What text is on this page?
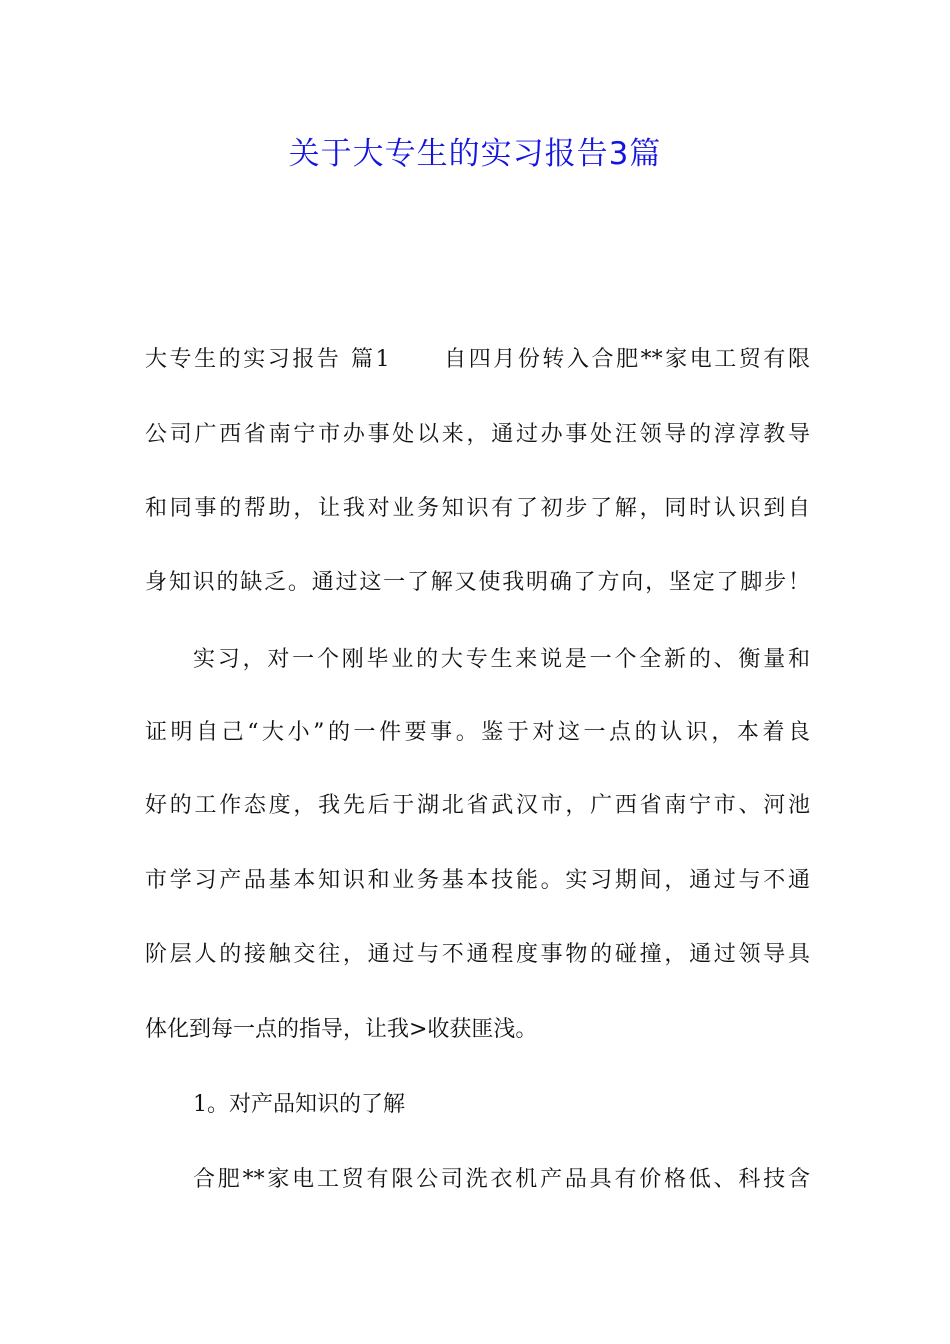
关于大专生的实习报告3篇
大专生的实习报告 篇1 自四月份转入合肥**家电工贸有限
公司广西省南宁市办事处以来，通过办事处汪领导的淳淳教导
和同事的帮助，让我对业务知识有了初步了解，同时认识到自
身知识的缺乏。通过这一了解又使我明确了方向，坚定了脚步！
实习，对一个刚毕业的大专生来说是一个全新的、衡量和
证明自己“大小”的一件要事。鉴于对这一点的认识，本着良
好的工作态度，我先后于湖北省武汉市，广西省南宁市、河池
市学习产品基本知识和业务基本技能。实习期间，通过与不通
阶层人的接触交往，通过与不通程度事物的碰撞，通过领导具
体化到每一点的指导，让我>收获匪浅。
1。对产品知识的了解
合肥**家电工贸有限公司洗衣机产品具有价格低、科技含
